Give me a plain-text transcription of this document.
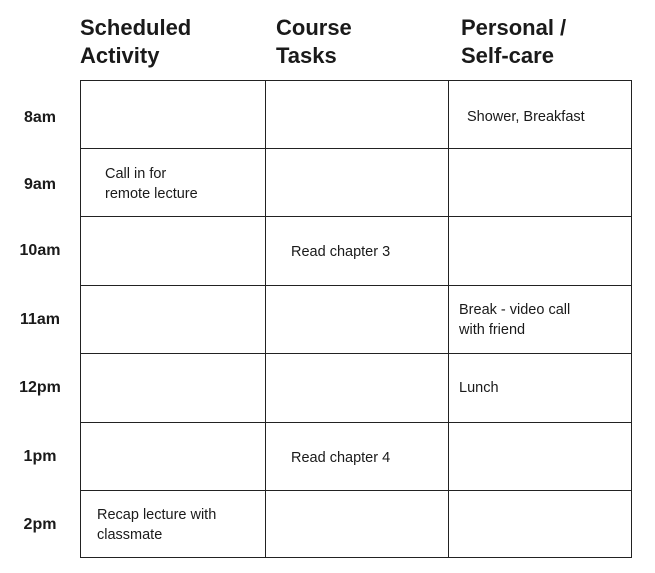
Scheduled
Activity
Course
Tasks
Personal /
Self-care
8am
9am
10am
11am
12pm
1pm
2pm
Shower, Breakfast
Call in for
remote lecture
Read chapter 3
Break - video call
with friend
Lunch
Read chapter 4
Recap lecture with
classmate
